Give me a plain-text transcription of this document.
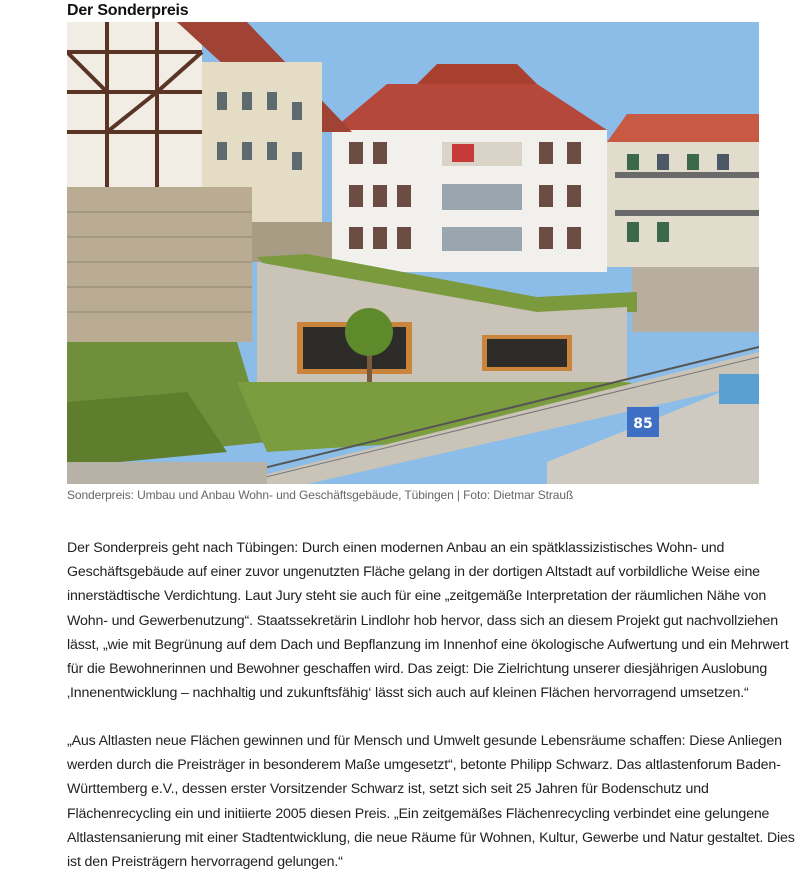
Der Sonderpreis
85
Sonderpreis: Umbau und Anbau Wohn- und Geschäftsgebäude, Tübingen | Foto: Dietmar Strauß
Der Sonderpreis geht nach Tübingen: Durch einen modernen Anbau an ein spätklassizistisches Wohn- und
Geschäftsgebäude auf einer zuvor ungenutzten Fläche gelang in der dortigen Altstadt auf vorbildliche Weise eine
innerstädtische Verdichtung. Laut Jury steht sie auch für eine „zeitgemäße Interpretation der räumlichen Nähe von
Wohn- und Gewerbenutzung“. Staatssekretärin Lindlohr hob hervor, dass sich an diesem Projekt gut nachvollziehen
lässt, „wie mit Begrünung auf dem Dach und Bepflanzung im Innenhof eine ökologische Aufwertung und ein Mehrwert
für die Bewohnerinnen und Bewohner geschaffen wird. Das zeigt: Die Zielrichtung unserer diesjährigen Auslobung
‚Innenentwicklung – nachhaltig und zukunftsfähig‘ lässt sich auch auf kleinen Flächen hervorragend umsetzen.“
„Aus Altlasten neue Flächen gewinnen und für Mensch und Umwelt gesunde Lebensräume schaffen: Diese Anliegen
werden durch die Preisträger in besonderem Maße umgesetzt“, betonte Philipp Schwarz. Das altlastenforum Baden-
Württemberg e.V., dessen erster Vorsitzender Schwarz ist, setzt sich seit 25 Jahren für Bodenschutz und
Flächenrecycling ein und initiierte 2005 diesen Preis. „Ein zeitgemäßes Flächenrecycling verbindet eine gelungene
Altlastensanierung mit einer Stadtentwicklung, die neue Räume für Wohnen, Kultur, Gewerbe und Natur gestaltet. Dies
ist den Preisträgern hervorragend gelungen.“
